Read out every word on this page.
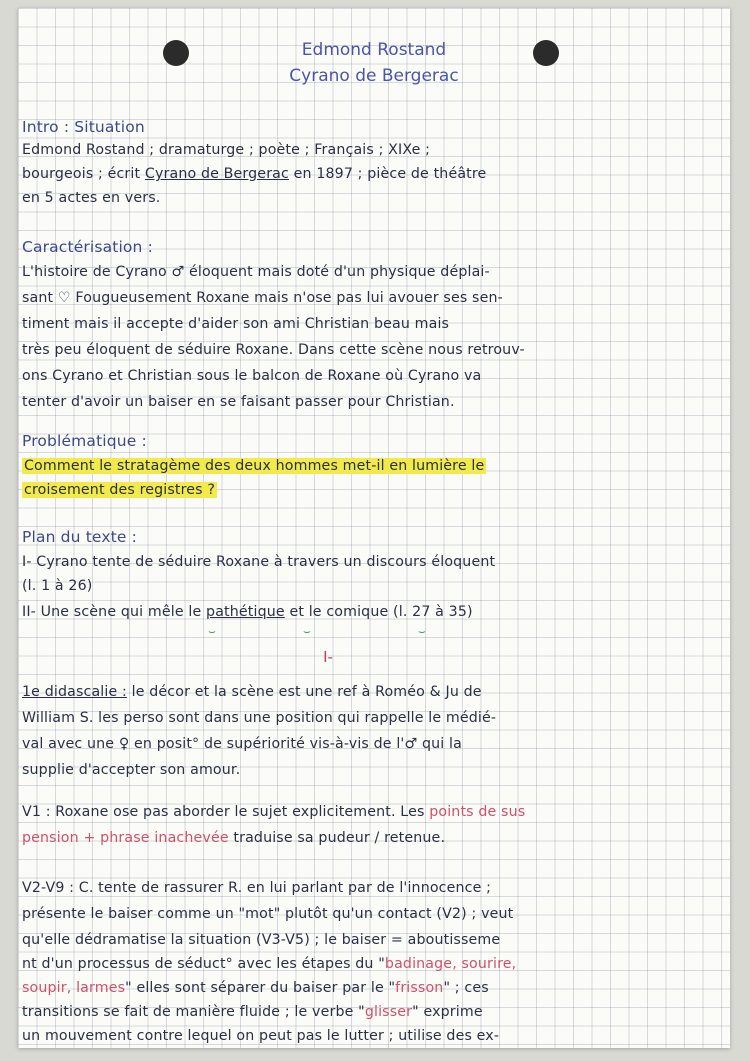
Edmond Rostand
Cyrano de Bergerac
Intro : Situation
Edmond Rostand ; dramaturge ; poète ; Français ; XIXe ;
bourgeois ; écrit Cyrano de Bergerac en 1897 ; pièce de théâtre
en 5 actes en vers.
Caractérisation :
L'histoire de Cyrano ♂ éloquent mais doté d'un physique déplai-
sant ♡ Fougueusement Roxane mais n'ose pas lui avouer ses sen-
timent mais il accepte d'aider son ami Christian beau mais
très peu éloquent de séduire Roxane. Dans cette scène nous retrouv-
ons Cyrano et Christian sous le balcon de Roxane où Cyrano va
tenter d'avoir un baiser en se faisant passer pour Christian.
Problématique :
Comment le stratagème des deux hommes met-il en lumière le
croisement des registres ?
Plan du texte :
I- Cyrano tente de séduire Roxane à travers un discours éloquent
(l. 1 à 26)
II- Une scène qui mêle le pathétique et le comique (l. 27 à 35)
⌣	⌣	⌣
I-
1e didascalie : le décor et la scène est une ref à Roméo & Ju de
William S. les perso sont dans une position qui rappelle le médié-
val avec une ♀ en posit° de supériorité vis-à-vis de l'♂ qui la
supplie d'accepter son amour.
V1 : Roxane ose pas aborder le sujet explicitement. Les points de sus
pension + phrase inachevée traduise sa pudeur / retenue.
V2-V9 : C. tente de rassurer R. en lui parlant par de l'innocence ;
présente le baiser comme un "mot" plutôt qu'un contact (V2) ; veut
qu'elle dédramatise la situation (V3-V5) ; le baiser = aboutisseme
nt d'un processus de séduct° avec les étapes du "badinage, sourire,
soupir, larmes" elles sont séparer du baiser par le "frisson" ; ces
transitions se fait de manière fluide ; le verbe "glisser" exprime
un mouvement contre lequel on peut pas le lutter ; utilise des ex-
